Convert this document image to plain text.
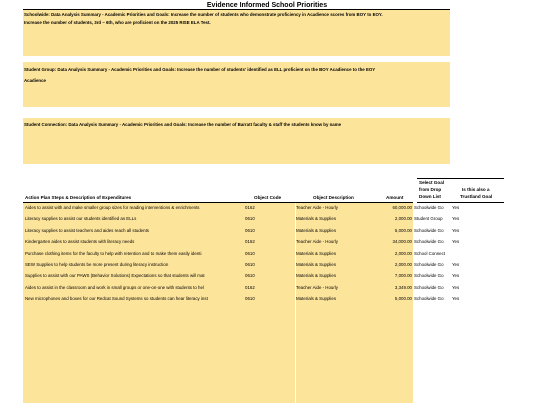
Evidence Informed School Priorities
Schoolwide: Data Analysis Summary - Academic Priorities and Goals: Increase the number of students who demonstrate proficiency in Acadience scores from BOY to EOY.
Increase the number of students, 3rd – 6th, who are proficient on the 2025 RISE ELA Test.
Student Group: Data Analysis Summary - Academic Priorities and Goals: Increase the number of students' identified as ELL proficient on the BOY Acadience to the EOY
Acadience
Student Connection: Data Analysis Summary - Academic Priorities and Goals: Increase the number of Barratt faculty & staff the students know by name
Action Plan Steps & Description of Expenditures	Object Code	Object Description	Amount
Select Goal
from Drop
Down List
Is this also a
Trustland Goal
Aides to assist with and make smaller group sizes for reading interventions & enrichments	0162	Teacher Aide - Hourly	60,000.00 Schoolwide Go	Yes
Literacy supplies to assist our students identified as ELLs	0610	Materials & Supplies	2,000.00 Student Group	Yes
Literacy supplies to assist teachers and aides reach all students	0610	Materials & Supplies	5,000.00 Schoolwide Go	Yes
Kindergarten aides to assist students with literacy needs	0162	Teacher Aide - Hourly	34,000.00 Schoolwide Go	Yes
Purchase clothing items for the faculty to help with retention and to make them easily identi	0610	Materials & Supplies	2,000.00 School Connect
SEW Supplies to help students be more present during literacy instruction	0610	Materials & Supplies	2,000.00 Schoolwide Go	Yes
Supplies to assist with our PAWS (Behavior Solutions) Expectations so that students will mat	0610	Materials & Supplies	7,000.00 Schoolwide Go	Yes
Aides to assist in the classroom and work in small groups or one-on-one with students to hel	0162	Teacher Aide - Hourly	3,349.00 Schoolwide Go	Yes
New microphones and boxes for our Redcat Sound Systems so students can hear literacy inst	0610	Materials & Supplies	5,000.00 Schoolwide Go	Yes
